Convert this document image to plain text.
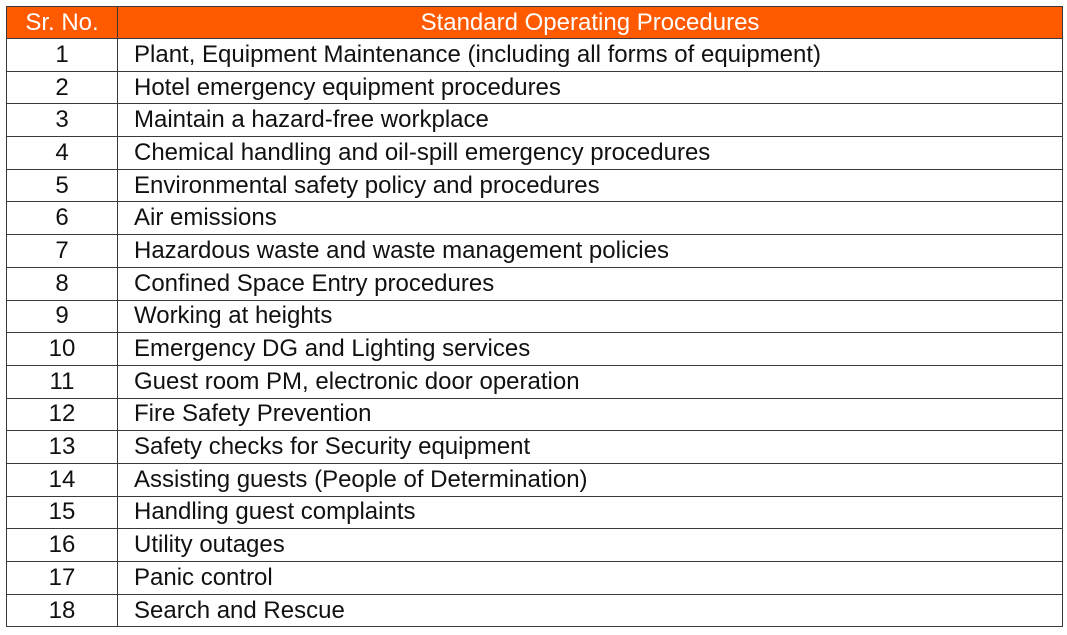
Sr. No.	Standard Operating Procedures
1	Plant, Equipment Maintenance (including all forms of equipment)
2	Hotel emergency equipment procedures
3	Maintain a hazard-free workplace
4	Chemical handling and oil-spill emergency procedures
5	Environmental safety policy and procedures
6	Air emissions
7	Hazardous waste and waste management policies
8	Confined Space Entry procedures
9	Working at heights
10	Emergency DG and Lighting services
11	Guest room PM, electronic door operation
12	Fire Safety Prevention
13	Safety checks for Security equipment
14	Assisting guests (People of Determination)
15	Handling guest complaints
16	Utility outages
17	Panic control
18	Search and Rescue
